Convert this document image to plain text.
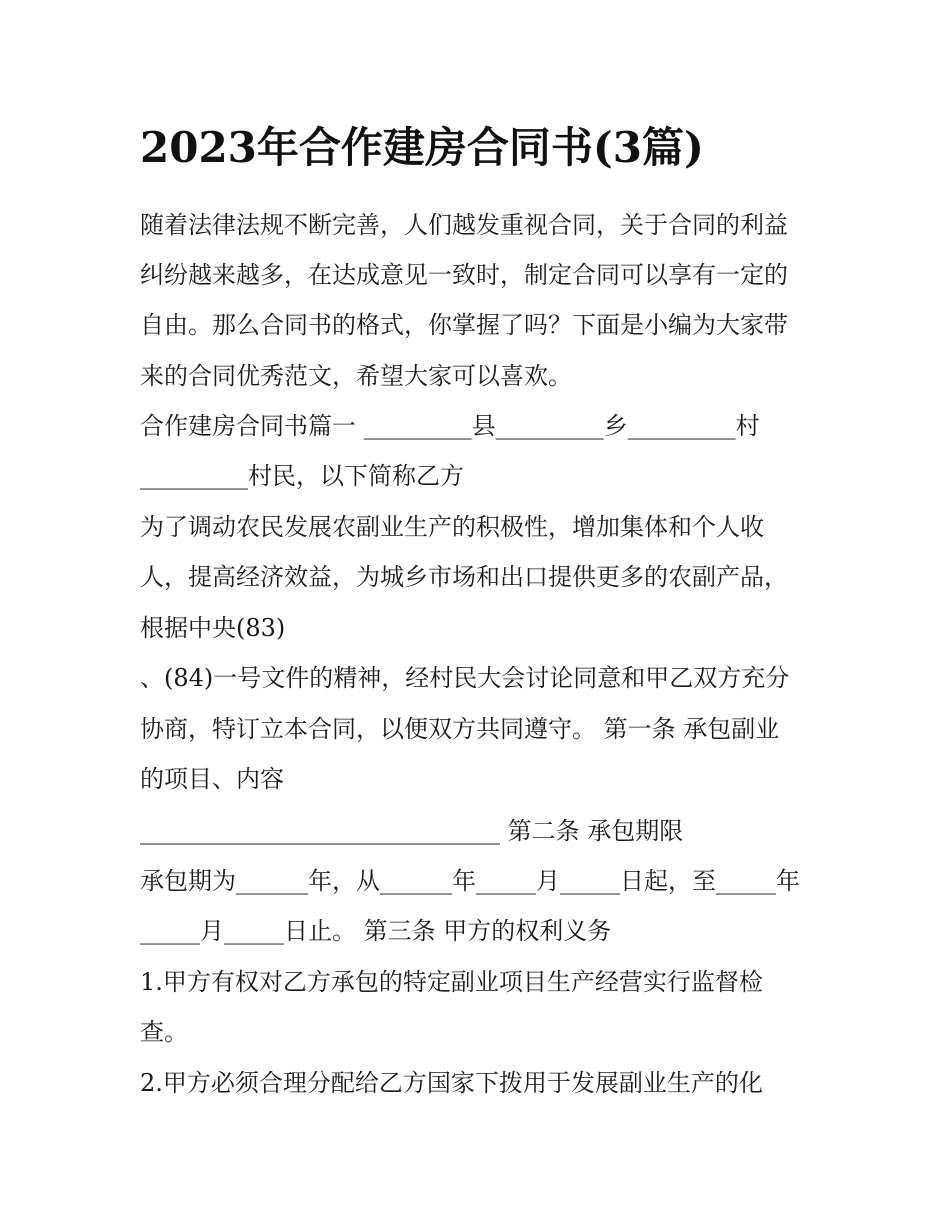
2023年合作建房合同书(3篇)

随着法律法规不断完善，人们越发重视合同，关于合同的利益

纠纷越来越多，在达成意见一致时，制定合同可以享有一定的

自由。那么合同书的格式，你掌握了吗？下面是小编为大家带

来的合同优秀范文，希望大家可以喜欢。

合作建房合同书篇一 _________县_________乡_________村

_________村民，以下简称乙方

为了调动农民发展农副业生产的积极性，增加集体和个人收

人，提高经济效益，为城乡市场和出口提供更多的农副产品，

根据中央(83)

、(84)一号文件的精神，经村民大会讨论同意和甲乙双方充分

协商，特订立本合同，以便双方共同遵守。 第一条 承包副业

的项目、内容

______________________________ 第二条 承包期限

承包期为______年，从______年_____月_____日起，至_____年

_____月_____日止。 第三条 甲方的权利义务

1.甲方有权对乙方承包的特定副业项目生产经营实行监督检

查。

2.甲方必须合理分配给乙方国家下拨用于发展副业生产的化
